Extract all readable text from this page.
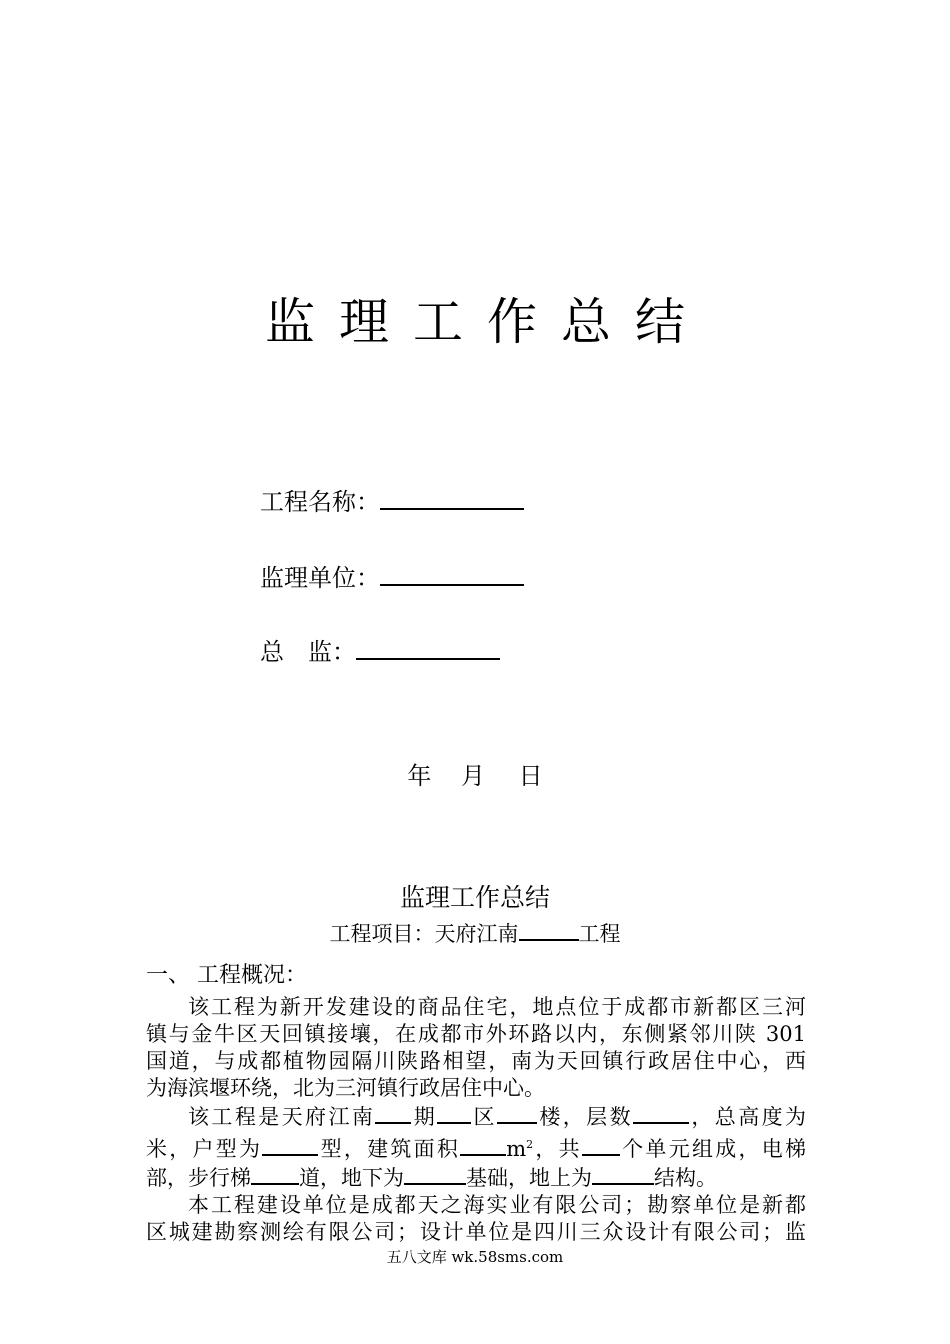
监理工作总结
工程名称：
监理单位：
总　监：
年 月 日
监理工作总结
工程项目：天府江南	工程
一、 工程概况：
该工程为新开发建设的商品住宅，地点位于成都市新都区三河
镇与金牛区天回镇接壤，在成都市外环路以内，东侧紧邻川陕 301
国道，与成都植物园隔川陕路相望，南为天回镇行政居住中心，西
为海滨堰环绕，北为三河镇行政居住中心。
该工程是天府江南 期 区 楼，层数	，总高度为
米，户型为	型，建筑面积 $m^2$，共 个单元组成，电梯
部，步行梯 道，地下为	基础，地上为	结构。
本工程建设单位是成都天之海实业有限公司；勘察单位是新都
区城建勘察测绘有限公司；设计单位是四川三众设计有限公司；监
五八文库 wk.58sms.com
